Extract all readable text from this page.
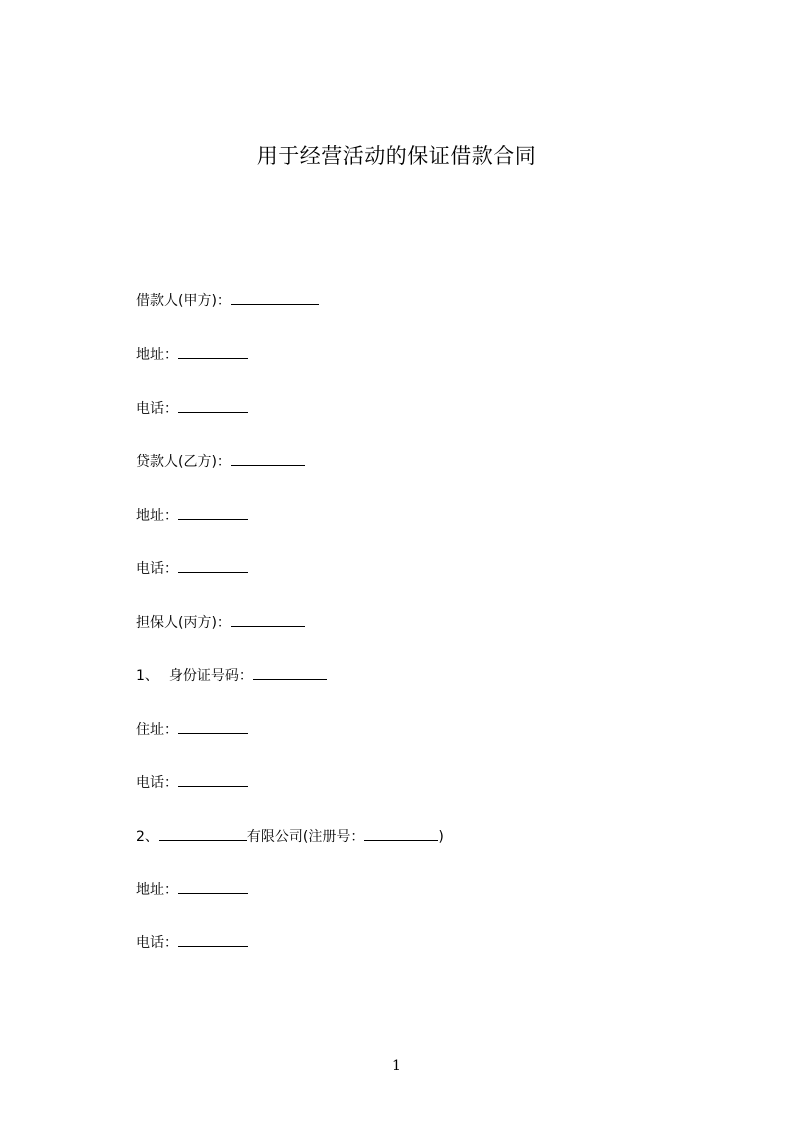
用于经营活动的保证借款合同
借款人(甲方)：
地址：
电话：
贷款人(乙方)：
地址：
电话：
担保人(丙方)：
1、 身份证号码：
住址：
电话：
2、	有限公司(注册号：	)
地址：
电话：
1
